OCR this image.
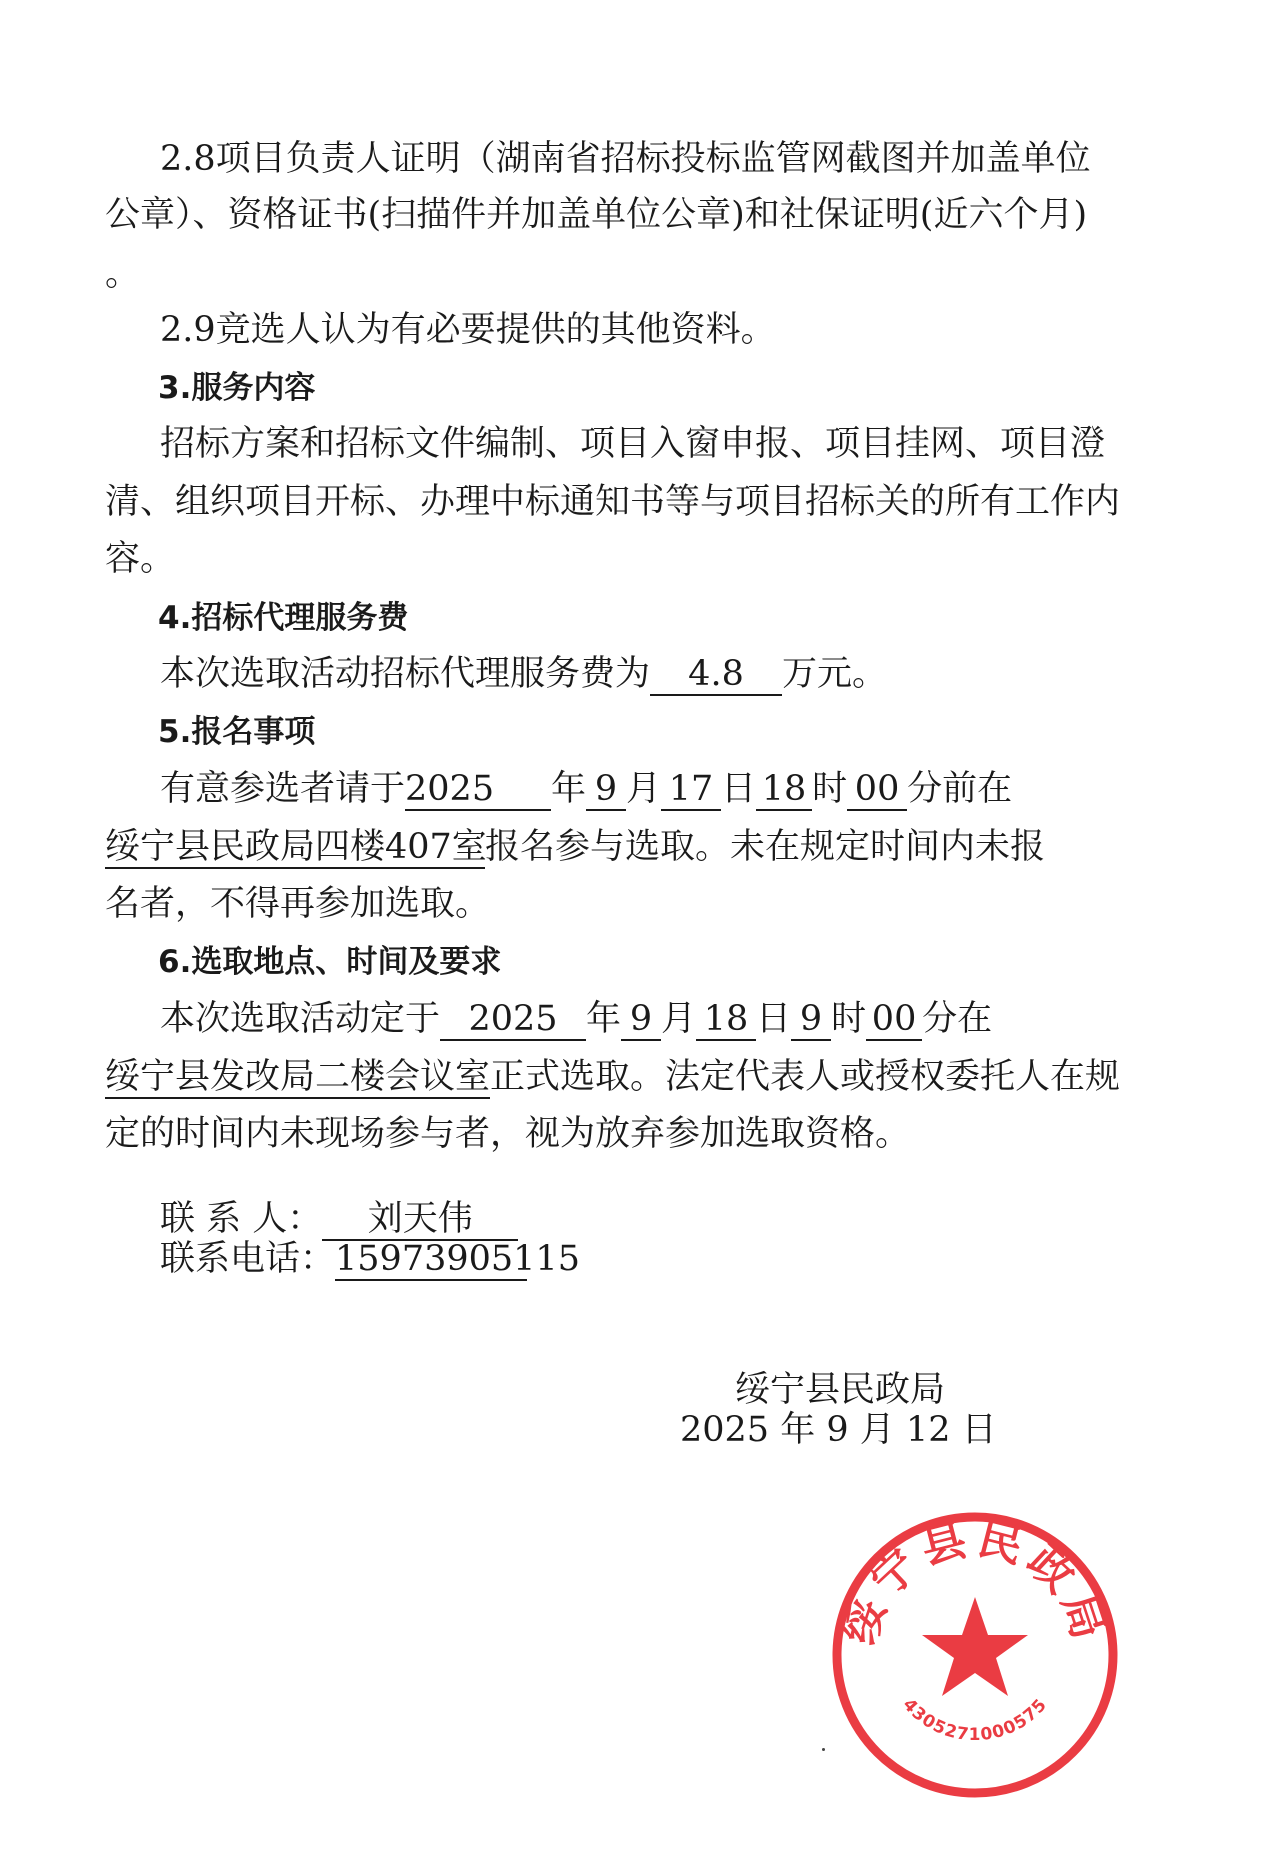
2.8项目负责人证明（湖南省招标投标监管网截图并加盖单位
公章）、资格证书(扫描件并加盖单位公章)和社保证明(近六个月)
。
2.9竞选人认为有必要提供的其他资料。
3.服务内容
招标方案和招标文件编制、项目入窗申报、项目挂网、项目澄
清、组织项目开标、办理中标通知书等与项目招标关的所有工作内
容。
4.招标代理服务费
本次选取活动招标代理服务费为 4.8 万元。
5.报名事项
有意参选者请于2025 年 9 月 17 日 18 时 00 分前在
绥宁县民政局四楼407室报名参与选取。未在规定时间内未报
名者，不得再参加选取。
6.选取地点、时间及要求
本次选取活动定于 2025 年 9 月 18 日 9 时 00 分在
绥宁县发改局二楼会议室正式选取。法定代表人或授权委托人在规
定的时间内未现场参与者，视为放弃参加选取资格。
联 系 人： 刘天伟
联系电话：15973905115
绥宁县民政局
2025 年 9 月 12 日
绥宁县民政局
4305271000575
